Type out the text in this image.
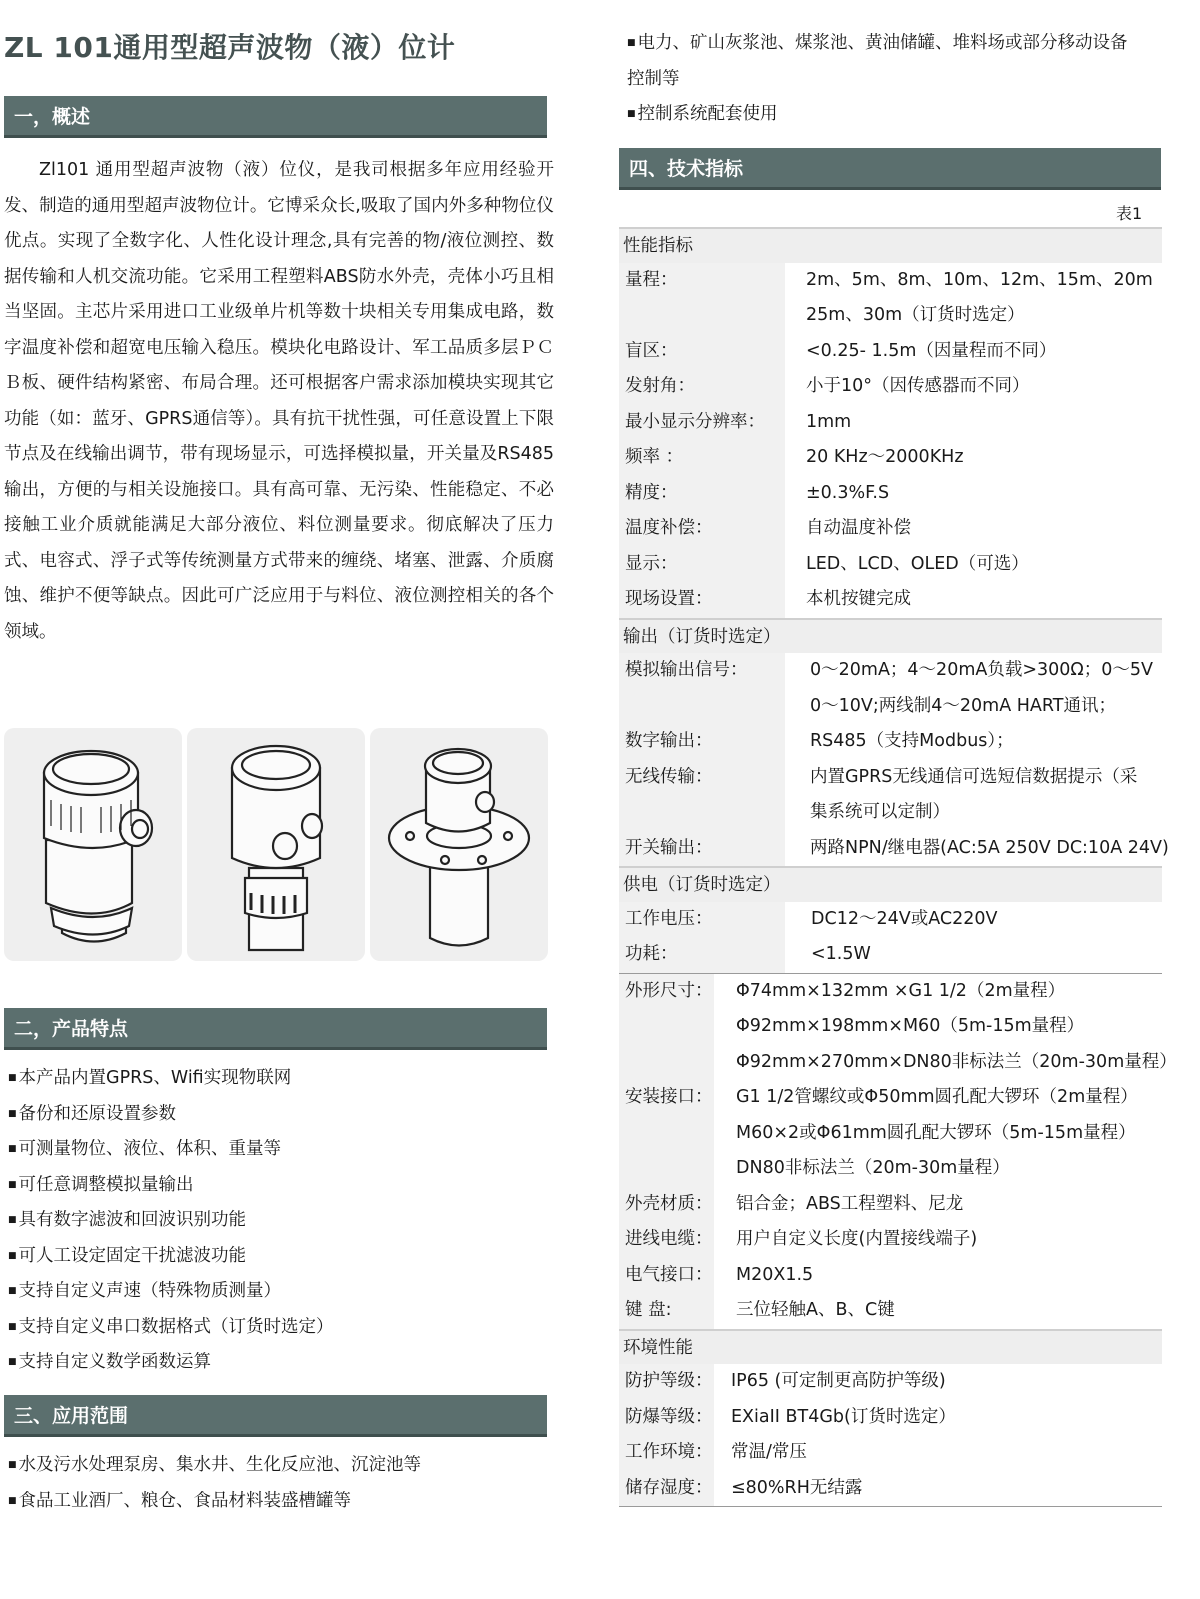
ZL 101通用型超声波物（液）位计
一，概述

Zl101 通用型超声波物（液）位仪，是我司根据多年应用经验开发、制造的通用型超声波物位计。它博采众长,吸取了国内外多种物位仪优点。实现了全数字化、人性化设计理念,具有完善的物/液位测控、数据传输和人机交流功能。它采用工程塑料ABS防水外壳，壳体小巧且相当坚固。主芯片采用进口工业级单片机等数十块相关专用集成电路，数字温度补偿和超宽电压输入稳压。模块化电路设计、军工品质多层ＰＣＢ板、硬件结构紧密、布局合理。还可根据客户需求添加模块实现其它功能（如：蓝牙、GPRS通信等）。具有抗干扰性强，可任意设置上下限节点及在线输出调节，带有现场显示，可选择模拟量，开关量及RS485输出，方便的与相关设施接口。具有高可靠、无污染、性能稳定、不必接触工业介质就能满足大部分液位、料位测量要求。彻底解决了压力式、电容式、浮子式等传统测量方式带来的缠绕、堵塞、泄露、介质腐蚀、维护不便等缺点。因此可广泛应用于与料位、液位测控相关的各个领域。

二，产品特点
■ 本产品内置GPRS、Wifi实现物联网
■ 备份和还原设置参数
■ 可测量物位、液位、体积、重量等
■ 可任意调整模拟量输出
■ 具有数字滤波和回波识别功能
■ 可人工设定固定干扰滤波功能
■ 支持自定义声速（特殊物质测量）
■ 支持自定义串口数据格式（订货时选定）
■ 支持自定义数学函数运算
三、应用范围
■ 水及污水处理泵房、集水井、生化反应池、沉淀池等
■ 食品工业酒厂、粮仓、食品材料装盛槽罐等
■ 电力、矿山灰浆池、煤浆池、黄油储罐、堆料场或部分移动设备
控制等
■ 控制系统配套使用
四、技术指标
表1
性能指标
量程：	2m、5m、8m、10m、12m、15m、20m
25m、30m（订货时选定）
盲区：	<0.25- 1.5m（因量程而不同）
发射角：	小于10°（因传感器而不同）
最小显示分辨率： 1mm
频率 ：	20 KHz～2000KHz
精度：	±0.3%F.S
温度补偿：	自动温度补偿
显示：	LED、LCD、OLED（可选）
现场设置：	本机按键完成
输出（订货时选定）
模拟输出信号：	0～20mA；4～20mA负载>300Ω；0～5V
0～10V;两线制4～20mA HART通讯；
数字输出：	RS485（支持Modbus）；
无线传输：	内置GPRS无线通信可选短信数据提示（采
集系统可以定制）
开关输出：	两路NPN/继电器(AC:5A 250V DC:10A 24V)
供电（订货时选定）
工作电压：	DC12～24V或AC220V
功耗：	<1.5W
外形尺寸： Φ74mm×132mm ×G1 1/2（2m量程）
Φ92mm×198mm×M60（5m-15m量程）
Φ92mm×270mm×DN80非标法兰（20m-30m量程）
安装接口： G1 1/2管螺纹或Φ50mm圆孔配大锣环（2m量程）
M60×2或Φ61mm圆孔配大锣环（5m-15m量程）
DN80非标法兰（20m-30m量程）
外壳材质： 铝合金；ABS工程塑料、尼龙
进线电缆： 用户自定义长度(内置接线端子)
电气接口： M20X1.5
键 盘:	三位轻触A、B、C键
环境性能
防护等级： IP65 (可定制更高防护等级)
防爆等级： EXiaII BT4Gb(订货时选定）
工作环境： 常温/常压
储存湿度： ≤80%RH无结露
